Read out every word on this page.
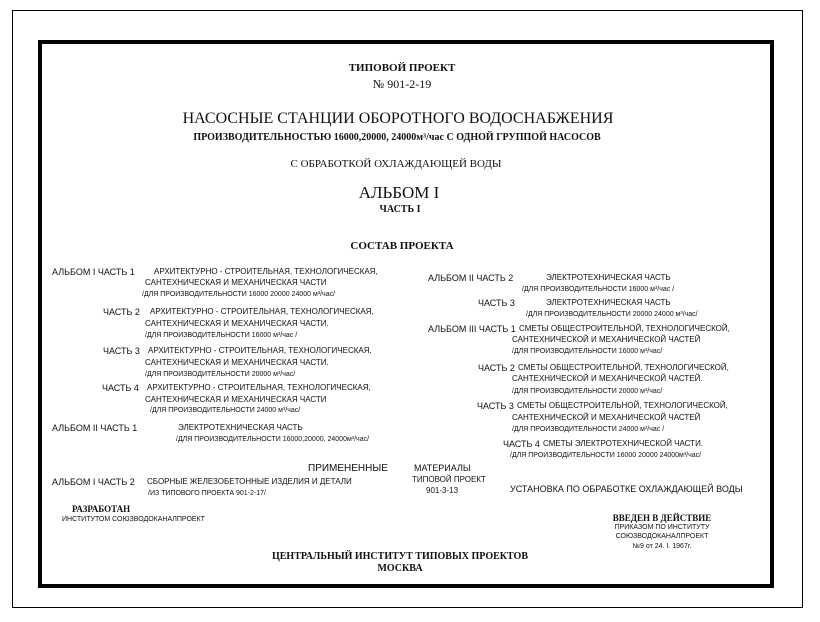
ТИПОВОЙ ПРОЕКТ
№ 901-2-19
НАСОСНЫЕ СТАНЦИИ ОБОРОТНОГО ВОДОСНАБЖЕНИЯ
ПРОИЗВОДИТЕЛЬНОСТЬЮ 16000,20000, 24000м³/час С ОДНОЙ ГРУППОЙ НАСОСОВ
С ОБРАБОТКОЙ ОХЛАЖДАЮЩЕЙ ВОДЫ
АЛЬБОМ I
ЧАСТЬ I
СОСТАВ ПРОЕКТА
АЛЬБОМ I ЧАСТЬ 1 АРХИТЕКТУРНО - СТРОИТЕЛЬНАЯ, ТЕХНОЛОГИЧЕСКАЯ,
САНТЕХНИЧЕСКАЯ И МЕХАНИЧЕСКАЯ ЧАСТИ
/ДЛЯ ПРОИЗВОДИТЕЛЬНОСТИ 16000 20000 24000 м³/час/
ЧАСТЬ 2 АРХИТЕКТУРНО - СТРОИТЕЛЬНАЯ, ТЕХНОЛОГИЧЕСКАЯ,
САНТЕХНИЧЕСКАЯ И МЕХАНИЧЕСКАЯ ЧАСТИ.
/ДЛЯ ПРОИЗВОДИТЕЛЬНОСТИ 16000 м³/час /
ЧАСТЬ 3 АРХИТЕКТУРНО - СТРОИТЕЛЬНАЯ, ТЕХНОЛОГИЧЕСКАЯ,
САНТЕХНИЧЕСКАЯ И МЕХАНИЧЕСКАЯ ЧАСТИ.
/ДЛЯ ПРОИЗВОДИТЕЛЬНОСТИ 20000 м³/час/
ЧАСТЬ 4 АРХИТЕКТУРНО - СТРОИТЕЛЬНАЯ, ТЕХНОЛОГИЧЕСКАЯ,
САНТЕХНИЧЕСКАЯ И МЕХАНИЧЕСКАЯ ЧАСТИ
/ДЛЯ ПРОИЗВОДИТЕЛЬНОСТИ 24000 м³/час/
АЛЬБОМ II ЧАСТЬ 1	ЭЛЕКТРОТЕХНИЧЕСКАЯ ЧАСТЬ
/ДЛЯ ПРОИЗВОДИТЕЛЬНОСТИ 16000,20000, 24000м³/час/
АЛЬБОМ II ЧАСТЬ 2	ЭЛЕКТРОТЕХНИЧЕСКАЯ ЧАСТЬ
/ДЛЯ ПРОИЗВОДИТЕЛЬНОСТИ 16000 м³/час /
ЧАСТЬ 3	ЭЛЕКТРОТЕХНИЧЕСКАЯ ЧАСТЬ
/ДЛЯ ПРОИЗВОДИТЕЛЬНОСТИ 20000 24000 м³/час/
АЛЬБОМ III ЧАСТЬ 1 СМЕТЫ ОБЩЕСТРОИТЕЛЬНОЙ, ТЕХНОЛОГИЧЕСКОЙ,
САНТЕХНИЧЕСКОЙ И МЕХАНИЧЕСКОЙ ЧАСТЕЙ
/ДЛЯ ПРОИЗВОДИТЕЛЬНОСТИ 16000 м³/час/
ЧАСТЬ 2 СМЕТЫ ОБЩЕСТРОИТЕЛЬНОЙ, ТЕХНОЛОГИЧЕСКОЙ,
САНТЕХНИЧЕСКОЙ И МЕХАНИЧЕСКОЙ ЧАСТЕЙ.
/ДЛЯ ПРОИЗВОДИТЕЛЬНОСТИ 20000 м³/час/
ЧАСТЬ 3 СМЕТЫ ОБЩЕСТРОИТЕЛЬНОЙ, ТЕХНОЛОГИЧЕСКОЙ,
САНТЕХНИЧЕСКОЙ И МЕХАНИЧЕСКОЙ ЧАСТЕЙ
/ДЛЯ ПРОИЗВОДИТЕЛЬНОСТИ 24000 м³/час /
ЧАСТЬ 4 СМЕТЫ ЭЛЕКТРОТЕХНИЧЕСКОЙ ЧАСТИ.
/ДЛЯ ПРОИЗВОДИТЕЛЬНОСТИ 16000 20000 24000м³/час/
ПРИМЕНЕННЫЕ	МАТЕРИАЛЫ
АЛЬБОМ I ЧАСТЬ 2 СБОРНЫЕ ЖЕЛЕЗОБЕТОННЫЕ ИЗДЕЛИЯ И ДЕТАЛИ
/ИЗ ТИПОВОГО ПРОЕКТА 901-2-17/
ТИПОВОЙ ПРОЕКТ
901-3-13	УСТАНОВКА ПО ОБРАБОТКЕ ОХЛАЖДАЮЩЕЙ ВОДЫ
РАЗРАБОТАН
ИНСТИТУТОМ СОЮЗВОДОКАНАЛПРОЕКТ	ВВЕДЕН В ДЕЙСТВИЕ
ПРИКАЗОМ ПО ИНСТИТУТУ
СОЮЗВОДОКАНАЛПРОЕКТ
№9 от 24. I. 1967г.
ЦЕНТРАЛЬНЫЙ ИНСТИТУТ ТИПОВЫХ ПРОЕКТОВ
МОСКВА
